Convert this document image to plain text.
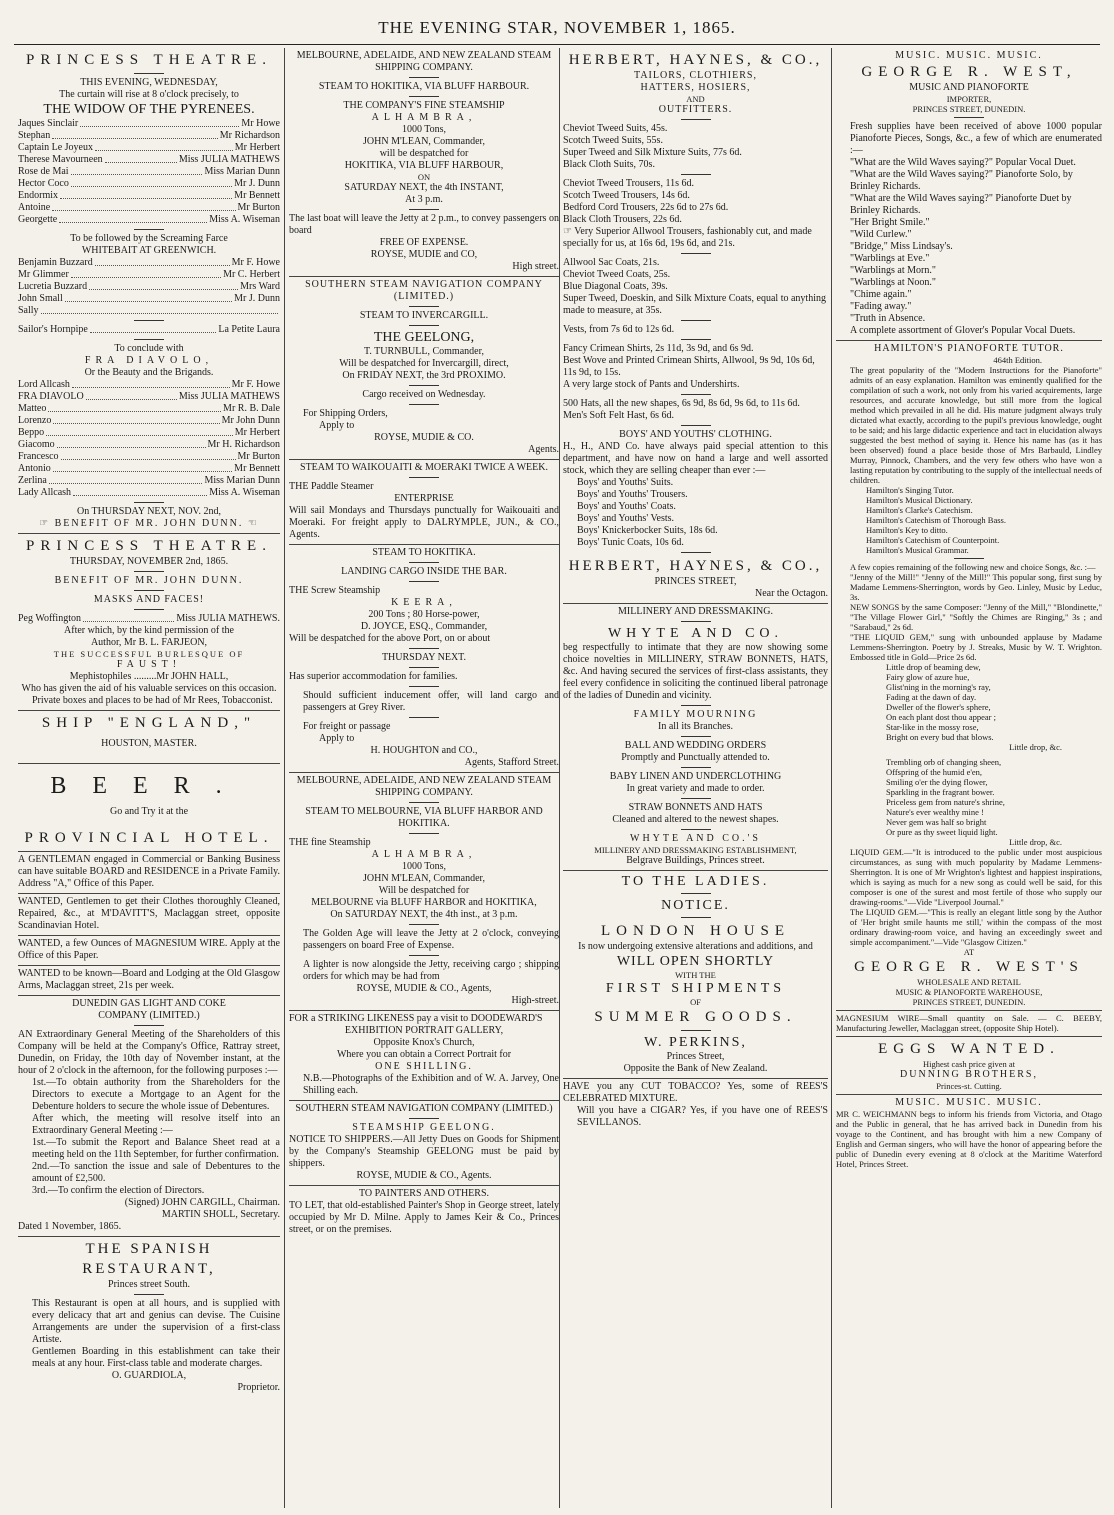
THE EVENING STAR, NOVEMBER 1, 1865.
PRINCESS THEATRE.
THIS EVENING, WEDNESDAY,
The curtain will rise at 8 o'clock precisely, to
THE WIDOW OF THE PYRENEES.
Jaques Sinclair	Mr Howe
Stephan	Mr Richardson
Captain Le Joyeux	Mr Herbert
Therese Mavourneen	Miss JULIA MATHEWS
Rose de Mai	Miss Marian Dunn
Hector Coco	Mr J. Dunn
Endormix	Mr Bennett
Antoine	Mr Burton
Georgette	Miss A. Wiseman
To be followed by the Screaming Farce
WHITEBAIT AT GREENWICH.
Benjamin Buzzard	Mr F. Howe
Mr Glimmer	Mr C. Herbert
Lucretia Buzzard	Mrs Ward
John Small	Mr J. Dunn
Sally
Sailor's Hornpipe	La Petite Laura
To conclude with
FRA DIAVOLO,
Or the Beauty and the Brigands.
Lord Allcash	Mr F. Howe
FRA DIAVOLO	Miss JULIA MATHEWS
Matteo	Mr R. B. Dale
Lorenzo	Mr John Dunn
Beppo	Mr Herbert
Giacomo	Mr H. Richardson
Francesco	Mr Burton
Antonio	Mr Bennett
Zerlina	Miss Marian Dunn
Lady Allcash	Miss A. Wiseman
On THURSDAY NEXT, NOV. 2nd,
☞ BENEFIT OF MR. JOHN DUNN. ☜
PRINCESS THEATRE.
THURSDAY, NOVEMBER 2nd, 1865.
BENEFIT OF MR. JOHN DUNN.
MASKS AND FACES!
Peg Woffington	Miss JULIA MATHEWS.
After which, by the kind permission of the
Author, Mr B. L. FARJEON,
THE SUCCESSFUL BURLESQUE OF
FAUST!
Mephistophiles .........Mr JOHN HALL,
Who has given the aid of his valuable services on this occasion.
Private boxes and places to be had of Mr Rees, Tobacconist.
SHIP "ENGLAND,"
HOUSTON, MASTER.
BEER.
Go and Try it at the
PROVINCIAL HOTEL.
A GENTLEMAN engaged in Commercial or Banking Business can have suitable BOARD and RESIDENCE in a Private Family. Address "A," Office of this Paper.
WANTED, Gentlemen to get their Clothes thoroughly Cleaned, Repaired, &c., at M'DAVITT'S, Maclaggan street, opposite Scandinavian Hotel.
WANTED, a few Ounces of MAGNESIUM WIRE. Apply at the Office of this Paper.
WANTED to be known—Board and Lodging at the Old Glasgow Arms, Maclaggan street, 21s per week.
DUNEDIN GAS LIGHT AND COKE
COMPANY (LIMITED.)
AN Extraordinary General Meeting of the Shareholders of this Company will be held at the Company's Office, Rattray street, Dunedin, on Friday, the 10th day of November instant, at the hour of 2 o'clock in the afternoon, for the following purposes :—
1st.—To obtain authority from the Shareholders for the Directors to execute a Mortgage to an Agent for the Debenture holders to secure the whole issue of Debentures.
After which, the meeting will resolve itself into an Extraordinary General Meeting :—
1st.—To submit the Report and Balance Sheet read at a meeting held on the 11th September, for further confirmation.
2nd.—To sanction the issue and sale of Debentures to the amount of £2,500.
3rd.—To confirm the election of Directors.
(Signed) JOHN CARGILL, Chairman.
MARTIN SHOLL, Secretary.
Dated 1 November, 1865.
THE SPANISH RESTAURANT,
Princes street South.
This Restaurant is open at all hours, and is supplied with every delicacy that art and genius can devise. The Cuisine Arrangements are under the supervision of a first-class Artiste.
Gentlemen Boarding in this establishment can take their meals at any hour. First-class table and moderate charges.
O. GUARDIOLA,
Proprietor.
MELBOURNE, ADELAIDE, AND NEW ZEALAND STEAM SHIPPING COMPANY.
STEAM TO HOKITIKA, VIA BLUFF HARBOUR.
THE COMPANY'S FINE STEAMSHIP
ALHAMBRA,
1000 Tons,
JOHN M'LEAN, Commander,
will be despatched for
HOKITIKA, VIA BLUFF HARBOUR,
ON
SATURDAY NEXT, the 4th INSTANT,
At 3 p.m.
The last boat will leave the Jetty at 2 p.m., to convey passengers on board
FREE OF EXPENSE.
ROYSE, MUDIE and CO,
High street.
SOUTHERN STEAM NAVIGATION COMPANY (LIMITED.)
STEAM TO INVERCARGILL.
THE GEELONG,
T. TURNBULL, Commander,
Will be despatched for Invercargill, direct,
On FRIDAY NEXT, the 3rd PROXIMO.
Cargo received on Wednesday.
For Shipping Orders,
Apply to
ROYSE, MUDIE & CO.
Agents.
STEAM TO WAIKOUAITI & MOERAKI TWICE A WEEK.
THE Paddle Steamer
ENTERPRISE
Will sail Mondays and Thursdays punctually for Waikouaiti and Moeraki. For freight apply to DALRYMPLE, JUN., & CO., Agents.
STEAM TO HOKITIKA.
LANDING CARGO INSIDE THE BAR.
THE Screw Steamship
KEERA,
200 Tons ; 80 Horse-power,
D. JOYCE, ESQ., Commander,
Will be despatched for the above Port, on or about
THURSDAY NEXT.
Has superior accommodation for families.
Should sufficient inducement offer, will land cargo and passengers at Grey River.
For freight or passage
Apply to
H. HOUGHTON and CO.,
Agents, Stafford Street.
MELBOURNE, ADELAIDE, AND NEW ZEALAND STEAM SHIPPING COMPANY.
STEAM TO MELBOURNE, VIA BLUFF HARBOR AND HOKITIKA.
THE fine Steamship
ALHAMBRA,
1000 Tons,
JOHN M'LEAN, Commander,
Will be despatched for
MELBOURNE via BLUFF HARBOR and HOKITIKA,
On SATURDAY NEXT, the 4th inst., at 3 p.m.
The Golden Age will leave the Jetty at 2 o'clock, conveying passengers on board Free of Expense.
A lighter is now alongside the Jetty, receiving cargo ; shipping orders for which may be had from
ROYSE, MUDIE & CO., Agents,
High-street.
FOR a STRIKING LIKENESS pay a visit to DOODEWARD'S
EXHIBITION PORTRAIT GALLERY,
Opposite Knox's Church,
Where you can obtain a Correct Portrait for
ONE SHILLING.
N.B.—Photographs of the Exhibition and of W. A. Jarvey, One Shilling each.
SOUTHERN STEAM NAVIGATION COMPANY (LIMITED.)
STEAMSHIP GEELONG.
NOTICE TO SHIPPERS.—All Jetty Dues on Goods for Shipment by the Company's Steamship GEELONG must be paid by shippers.
ROYSE, MUDIE & CO., Agents.
TO PAINTERS AND OTHERS.
TO LET, that old-established Painter's Shop in George street, lately occupied by Mr D. Milne. Apply to James Keir & Co., Princes street, or on the premises.
HERBERT, HAYNES, & CO.,
TAILORS, CLOTHIERS,
HATTERS, HOSIERS,
AND
OUTFITTERS.
Cheviot Tweed Suits, 45s.
Scotch Tweed Suits, 55s.
Super Tweed and Silk Mixture Suits, 77s 6d.
Black Cloth Suits, 70s.
Cheviot Tweed Trousers, 11s 6d.
Scotch Tweed Trousers, 14s 6d.
Bedford Cord Trousers, 22s 6d to 27s 6d.
Black Cloth Trousers, 22s 6d.
☞ Very Superior Allwool Trousers, fashionably cut, and made specially for us, at 16s 6d, 19s 6d, and 21s.
Allwool Sac Coats, 21s.
Cheviot Tweed Coats, 25s.
Blue Diagonal Coats, 39s.
Super Tweed, Doeskin, and Silk Mixture Coats, equal to anything made to measure, at 35s.
Vests, from 7s 6d to 12s 6d.
Fancy Crimean Shirts, 2s 11d, 3s 9d, and 6s 9d.
Best Wove and Printed Crimean Shirts, Allwool, 9s 9d, 10s 6d, 11s 9d, to 15s.
A very large stock of Pants and Undershirts.
500 Hats, all the new shapes, 6s 9d, 8s 6d, 9s 6d, to 11s 6d.
Men's Soft Felt Hast, 6s 6d.
BOYS' AND YOUTHS' CLOTHING.
H., H., AND Co. have always paid special attention to this department, and have now on hand a large and well assorted stock, which they are selling cheaper than ever :—
Boys' and Youths' Suits.
Boys' and Youths' Trousers.
Boys' and Youths' Coats.
Boys' and Youths' Vests.
Boys' Knickerbocker Suits, 18s 6d.
Boys' Tunic Coats, 10s 6d.
HERBERT, HAYNES, & CO.,
PRINCES STREET,
Near the Octagon.
MILLINERY AND DRESSMAKING.
WHYTE AND CO.
beg respectfully to intimate that they are now showing some choice novelties in MILLINERY, STRAW BONNETS, HATS, &c. And having secured the services of first-class assistants, they feel every confidence in soliciting the continued liberal patronage of the ladies of Dunedin and vicinity.
FAMILY MOURNING
In all its Branches.
BALL AND WEDDING ORDERS
Promptly and Punctually attended to.
BABY LINEN AND UNDERCLOTHING
In great variety and made to order.
STRAW BONNETS AND HATS
Cleaned and altered to the newest shapes.
WHYTE AND CO.'S
MILLINERY AND DRESSMAKING ESTABLISHMENT,
Belgrave Buildings, Princes street.
TO THE LADIES.
NOTICE.
LONDON HOUSE
Is now undergoing extensive alterations and additions, and
WILL OPEN SHORTLY
WITH THE
FIRST SHIPMENTS
OF
SUMMER GOODS.
W. PERKINS,
Princes Street,
Opposite the Bank of New Zealand.
HAVE you any CUT TOBACCO? Yes, some of REES'S CELEBRATED MIXTURE.
Will you have a CIGAR? Yes, if you have one of REES'S SEVILLANOS.
MUSIC. MUSIC. MUSIC.
GEORGE R. WEST,
MUSIC AND PIANOFORTE
IMPORTER,
PRINCES STREET, DUNEDIN.
Fresh supplies have been received of above 1000 popular Pianoforte Pieces, Songs, &c., a few of which are enumerated :—
"What are the Wild Waves saying?" Popular Vocal Duet.
"What are the Wild Waves saying?" Pianoforte Solo, by Brinley Richards.
"What are the Wild Waves saying?" Pianoforte Duet by Brinley Richards.
"Her Bright Smile."
"Wild Curlew."
"Bridge," Miss Lindsay's.
"Warblings at Eve."
"Warblings at Morn."
"Warblings at Noon."
"Chime again."
"Fading away."
"Truth in Absence.
A complete assortment of Glover's Popular Vocal Duets.
HAMILTON'S PIANOFORTE TUTOR.
464th Edition.
The great popularity of the "Modern Instructions for the Pianoforte" admits of an easy explanation. Hamilton was eminently qualified for the compilation of such a work, not only from his varied acquirements, large resources, and accurate knowledge, but still more from the logical method which prevailed in all he did. His mature judgment always truly dictated what exactly, according to the pupil's previous knowledge, ought to be said; and his large didactic experience and tact in elucidation always suggested the best method of saying it. Hence his name has (as it has been observed) found a place beside those of Mrs Barbauld, Lindley Murray, Pinnock, Chambers, and the very few others who have won a lasting reputation by contributing to the supply of the intellectual needs of children.
Hamilton's Singing Tutor.
Hamilton's Musical Dictionary.
Hamilton's Clarke's Catechism.
Hamilton's Catechism of Thorough Bass.
Hamilton's Key to ditto.
Hamilton's Catechism of Counterpoint.
Hamilton's Musical Grammar.
A few copies remaining of the following new and choice Songs, &c. :—
"Jenny of the Mill!" "Jenny of the Mill!" This popular song, first sung by Madame Lemmens-Sherrington, words by Geo. Linley, Music by Leduc, 3s.
NEW SONGS by the same Composer: "Jenny of the Mill," "Blondinette," "The Village Flower Girl," "Softly the Chimes are Ringing," 3s ; and "Sarabaud," 2s 6d.
"THE LIQUID GEM," sung with unbounded applause by Madame Lemmens-Sherrington. Poetry by J. Streaks, Music by W. T. Wrighton. Embossed title in Gold—Price 2s 6d.
Little drop of beaming dew,
Fairy glow of azure hue,
Glist'ning in the morning's ray,
Fading at the dawn of day.
Dweller of the flower's sphere,
On each plant dost thou appear ;
Star-like in the mossy rose,
Bright on every bud that blows.
Little drop, &c.
Trembling orb of changing sheen,
Offspring of the humid e'en,
Smiling o'er the dying flower,
Sparkling in the fragrant bower.
Priceless gem from nature's shrine,
Nature's ever wealthy mine !
Never gem was half so bright
Or pure as thy sweet liquid light.
Little drop, &c.
LIQUID GEM.—"It is introduced to the public under most auspicious circumstances, as sung with much popularity by Madame Lemmens-Sherrington. It is one of Mr Wrighton's lightest and happiest inspirations, which is saying as much for a new song as could well be said, for this composer is one of the surest and most fertile of those who supply our drawing-rooms."—Vide "Liverpool Journal."
The LIQUID GEM.—"This is really an elegant little song by the Author of 'Her bright smile haunts me still,' within the compass of the most ordinary drawing-room voice, and having an exceedingly sweet and simple accompaniment."—Vide "Glasgow Citizen."
AT
GEORGE R. WEST'S
WHOLESALE AND RETAIL
MUSIC & PIANOFORTE WAREHOUSE,
PRINCES STREET, DUNEDIN.
MAGNESIUM WIRE—Small quantity on Sale. — C. BEEBY, Manufacturing Jeweller, Maclaggan street, (opposite Ship Hotel).
EGGS WANTED.
Highest cash price given at
DUNNING BROTHERS,
Princes-st. Cutting.
MUSIC. MUSIC. MUSIC.
MR C. WEICHMANN begs to inform his friends from Victoria, and Otago and the Public in general, that he has arrived back in Dunedin from his voyage to the Continent, and has brought with him a new Company of English and German singers, who will have the honor of appearing before the public of Dunedin every evening at 8 o'clock at the Maritime Waterford Hotel, Princes Street.
